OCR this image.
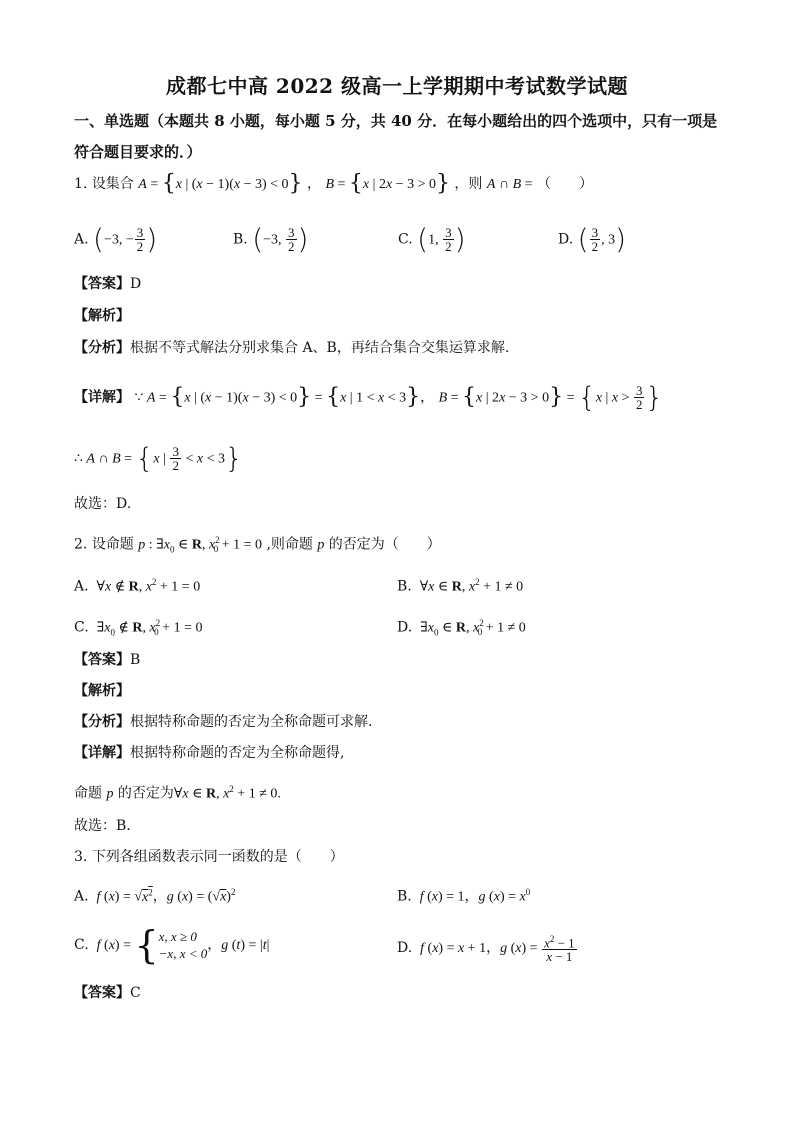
成都七中高 2022 级高一上学期期中考试数学试题
一、单选题（本题共 8 小题，每小题 5 分，共 40 分．在每小题给出的四个选项中，只有一项是符合题目要求的．）
1. 设集合 A = {x | (x − 1)(x − 3) < 0} ， B = {x | 2x − 3 > 0} ，则 A ∩ B = （　　）
A. (−3, − $\frac{3}{2}$ )	B. (−3, $\frac{3}{2}$ )	C. (1, $\frac{3}{2}$ )	D. ( $\frac{3}{2}$ , 3)
【答案】D
【解析】
【分析】根据不等式解法分别求集合 A、B，再结合集合交集运算求解.
【详解】 ∵ A = {x | (x − 1)(x − 3) < 0} = {x | 1 < x < 3}， B = {x | 2x − 3 > 0} = {x | $x > \frac{3}{2}$ }
∴ A ∩ B = {x | $\frac{3}{2} < x < 3$}
故选：D.
2. 设命题 p : $\exists x_0$ ∈ R, $x^2_0 + 1 = 0$ ,则命题 p 的否定为（　　）
A.  ∀x ∉ R, $x^2 + 1 = 0$	B.  ∀x ∈ R, $x^2 + 1 \ne 0$
C.  $\exists x_0$ ∉ R, $x^2_0 + 1 = 0$	D.  $\exists x_0$ ∈ R, $x^2_0 + 1 \ne 0$
【答案】B
【解析】
【分析】根据特称命题的否定为全称命题可求解.
【详解】根据特称命题的否定为全称命题得,
命题 p 的否定为∀x ∈ R, $x^2 + 1 \ne 0$.
故选：B.
3. 下列各组函数表示同一函数的是（　　）
A.  f $(x) = √x^2$，g $(x) = (√x)^2$	B.  f (x) = 1，g $(x) = x^0$
C.  f (x) = { x, x ≥ 0
−x, x < 0
，g (t) = |t|	D.  f (x) = x + 1，g $(x) = \frac{x^2 - 1}{x - 1}$
【答案】C
